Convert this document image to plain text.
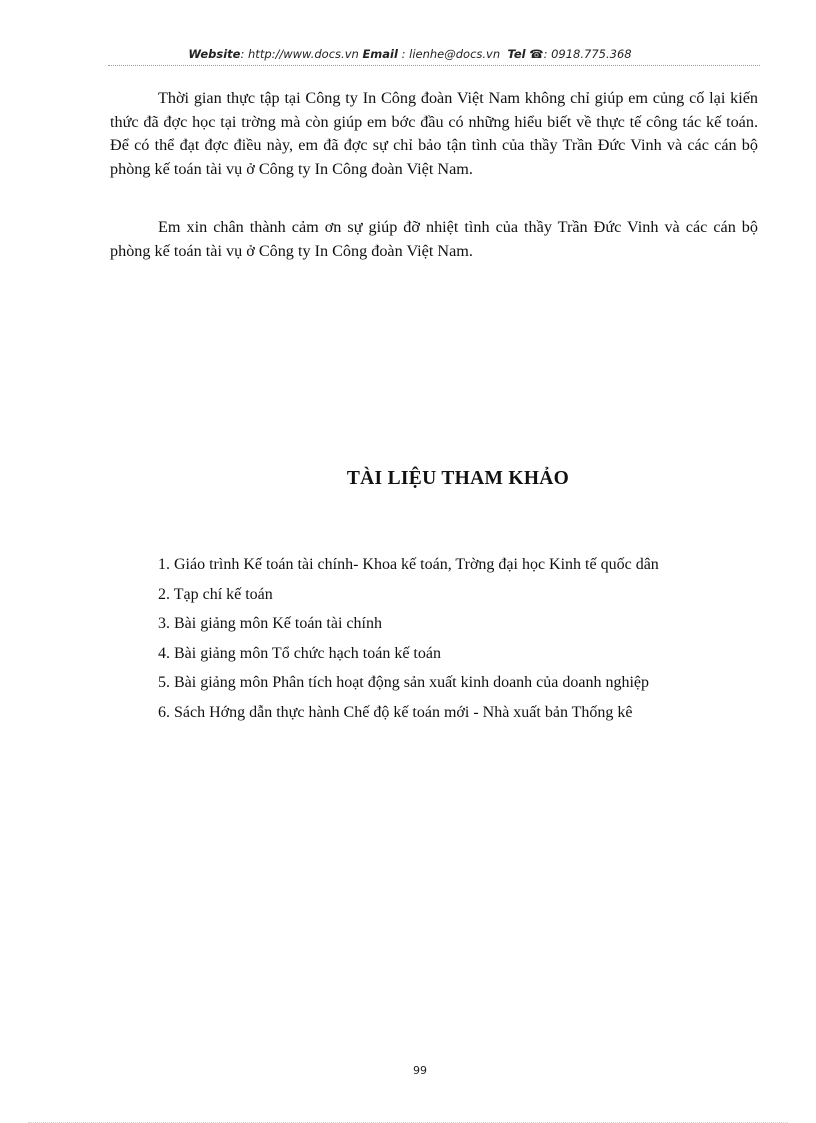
Website: http://www.docs.vn Email : lienhe@docs.vn Tel ☎: 0918.775.368

Thời gian thực tập tại Công ty In Công đoàn Việt Nam không chỉ giúp em củng cố lại kiến thức đã đợc học tại trờng mà còn giúp em bớc đầu có những hiểu biết về thực tế công tác kế toán. Để có thể đạt đợc điều này, em đã đợc sự chỉ bảo tận tình của thầy Trần Đức Vinh và các cán bộ phòng kế toán tài vụ ở Công ty In Công đoàn Việt Nam.

Em xin chân thành cảm ơn sự giúp đỡ nhiệt tình của thầy Trần Đức Vinh và các cán bộ phòng kế toán tài vụ ở Công ty In Công đoàn Việt Nam.

TÀI LIỆU THAM KHẢO
1. Giáo trình Kế toán tài chính- Khoa kế toán, Trờng đại học Kinh tế quốc dân
2. Tạp chí kế toán
3. Bài giảng môn Kế toán tài chính
4. Bài giảng môn Tổ chức hạch toán kế toán
5. Bài giảng môn Phân tích hoạt động sản xuất kinh doanh của doanh nghiệp
6. Sách Hớng dẫn thực hành Chế độ kế toán mới - Nhà xuất bản Thống kê
99
